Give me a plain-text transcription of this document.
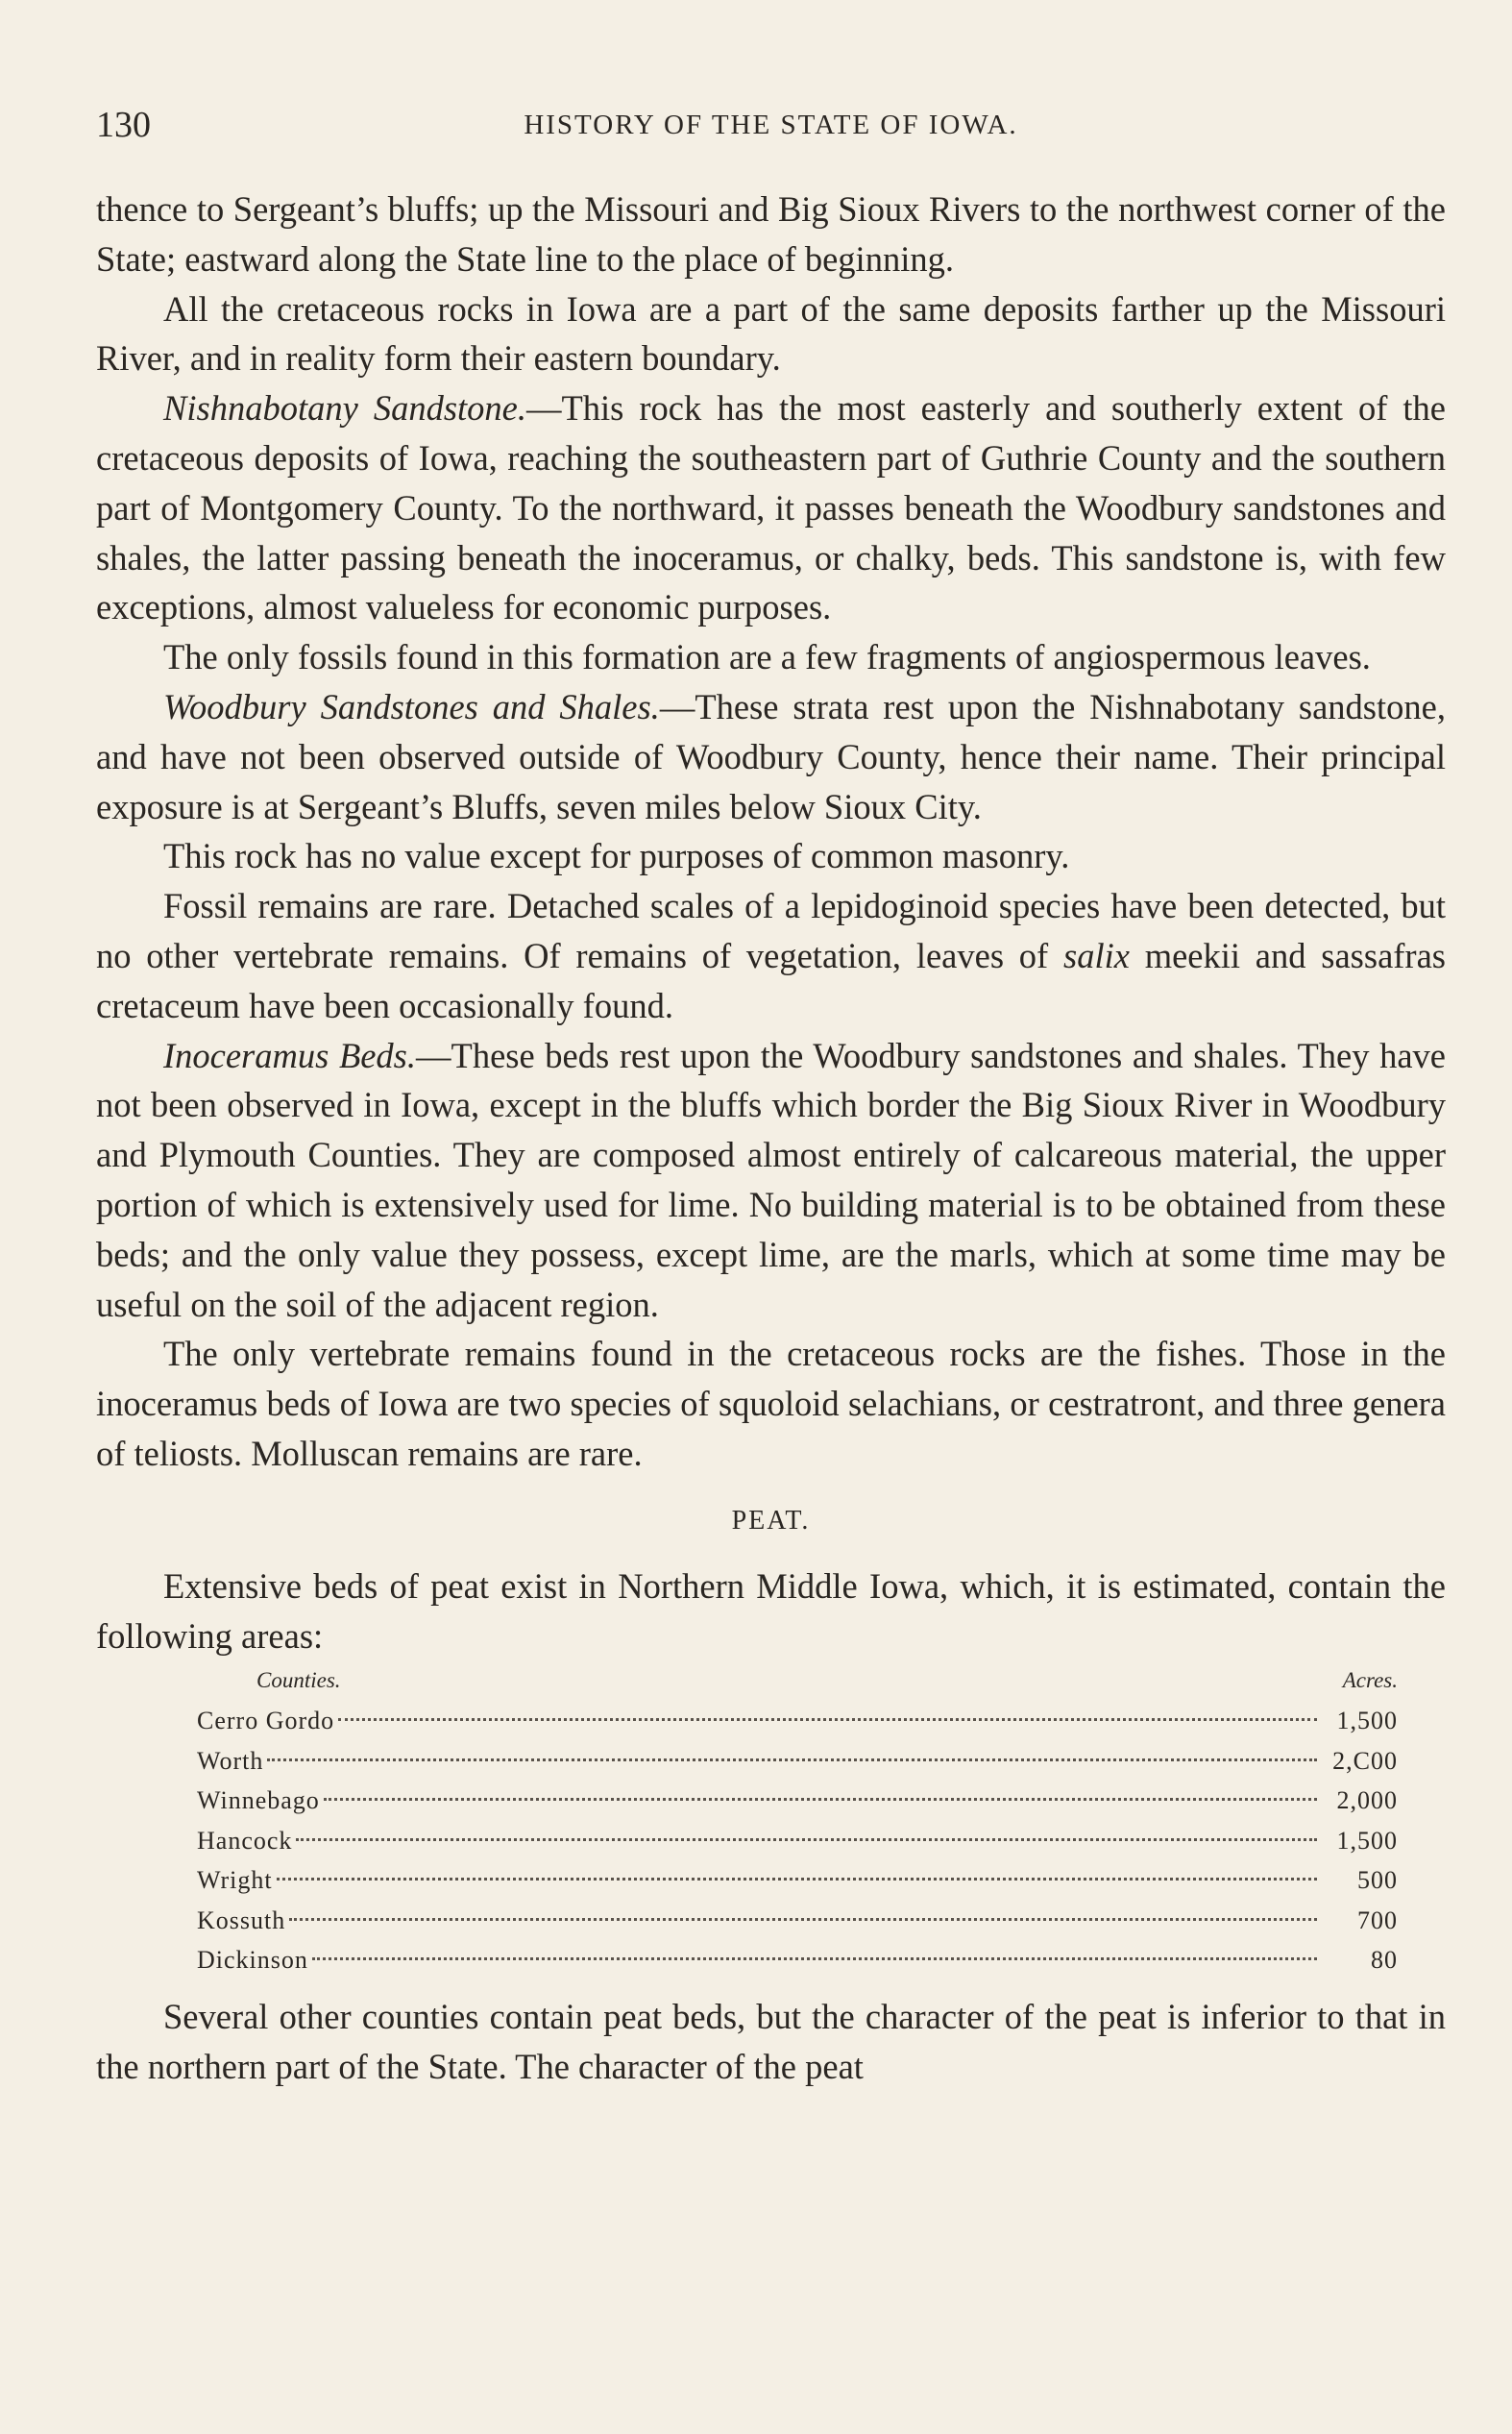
130	HISTORY OF THE STATE OF IOWA.

thence to Sergeant’s bluffs; up the Missouri and Big Sioux Rivers to the northwest corner of the State; eastward along the State line to the place of beginning.

All the cretaceous rocks in Iowa are a part of the same deposits farther up the Missouri River, and in reality form their eastern boundary.

Nishnabotany Sandstone.—This rock has the most easterly and southerly extent of the cretaceous deposits of Iowa, reaching the southeastern part of Guthrie County and the southern part of Montgomery County. To the northward, it passes beneath the Woodbury sandstones and shales, the latter passing beneath the inoceramus, or chalky, beds. This sandstone is, with few exceptions, almost valueless for economic purposes.

The only fossils found in this formation are a few fragments of angiospermous leaves.

Woodbury Sandstones and Shales.—These strata rest upon the Nishnabotany sandstone, and have not been observed outside of Woodbury County, hence their name. Their principal exposure is at Sergeant’s Bluffs, seven miles below Sioux City.

This rock has no value except for purposes of common masonry.

Fossil remains are rare. Detached scales of a lepidoginoid species have been detected, but no other vertebrate remains. Of remains of vegetation, leaves of salix meekii and sassafras cretaceum have been occasionally found.

Inoceramus Beds.—These beds rest upon the Woodbury sandstones and shales. They have not been observed in Iowa, except in the bluffs which border the Big Sioux River in Woodbury and Plymouth Counties. They are composed almost entirely of calcareous material, the upper portion of which is extensively used for lime. No building material is to be obtained from these beds; and the only value they possess, except lime, are the marls, which at some time may be useful on the soil of the adjacent region.

The only vertebrate remains found in the cretaceous rocks are the fishes. Those in the inoceramus beds of Iowa are two species of squoloid selachians, or cestratront, and three genera of teliosts. Molluscan remains are rare.

PEAT.

Extensive beds of peat exist in Northern Middle Iowa, which, it is estimated, contain the following areas:

Counties.	Acres.
Cerro Gordo	1,500
Worth	2,C00
Winnebago	2,000
Hancock	1,500
Wright	500
Kossuth	700
Dickinson	80

Several other counties contain peat beds, but the character of the peat is inferior to that in the northern part of the State. The character of the peat
